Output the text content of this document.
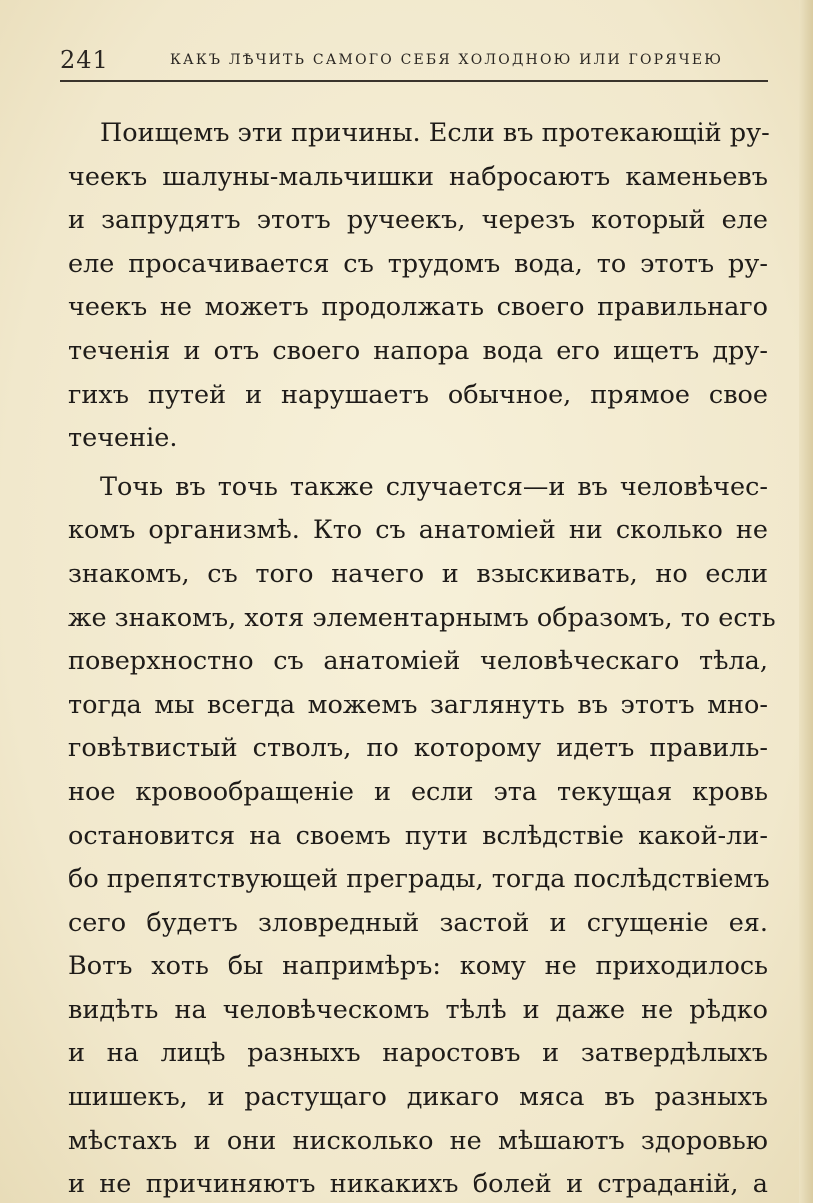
241	КАКЪ ЛѢЧИТЬ САМОГО СЕБЯ ХОЛОДНОЮ ИЛИ ГОРЯЧЕЮ
Поищемъ эти причины. Если въ протекающій ру-
чеекъ шалуны-мальчишки набросаютъ каменьевъ
и запрудятъ этотъ ручеекъ, черезъ который еле
еле просачивается съ трудомъ вода, то этотъ ру-
чеекъ не можетъ продолжать своего правильнаго
теченія и отъ своего напора вода его ищетъ дру-
гихъ путей и нарушаетъ обычное, прямое свое
теченіе.
Точь въ точь также случается—и въ человѣчес-
комъ организмѣ. Кто съ анатоміей ни сколько не
знакомъ, съ того начего и взыскивать, но если
же знакомъ, хотя элементарнымъ образомъ, то есть
поверхностно съ анатоміей человѣческаго тѣла,
тогда мы всегда можемъ заглянуть въ этотъ мно-
говѣтвистый стволъ, по которому идетъ правиль-
ное кровообращеніе и если эта текущая кровь
остановится на своемъ пути вслѣдствіе какой-ли-
бо препятствующей преграды, тогда послѣдствіемъ
сего будетъ зловредный застой и сгущеніе ея.
Вотъ хоть бы напримѣръ: кому не приходилось
видѣть на человѣческомъ тѣлѣ и даже не рѣдко
и на лицѣ разныхъ наростовъ и затвердѣлыхъ
шишекъ, и растущаго дикаго мяса въ разныхъ
мѣстахъ и они нисколько не мѣшаютъ здоровью
и не причиняютъ никакихъ болей и страданій, а
